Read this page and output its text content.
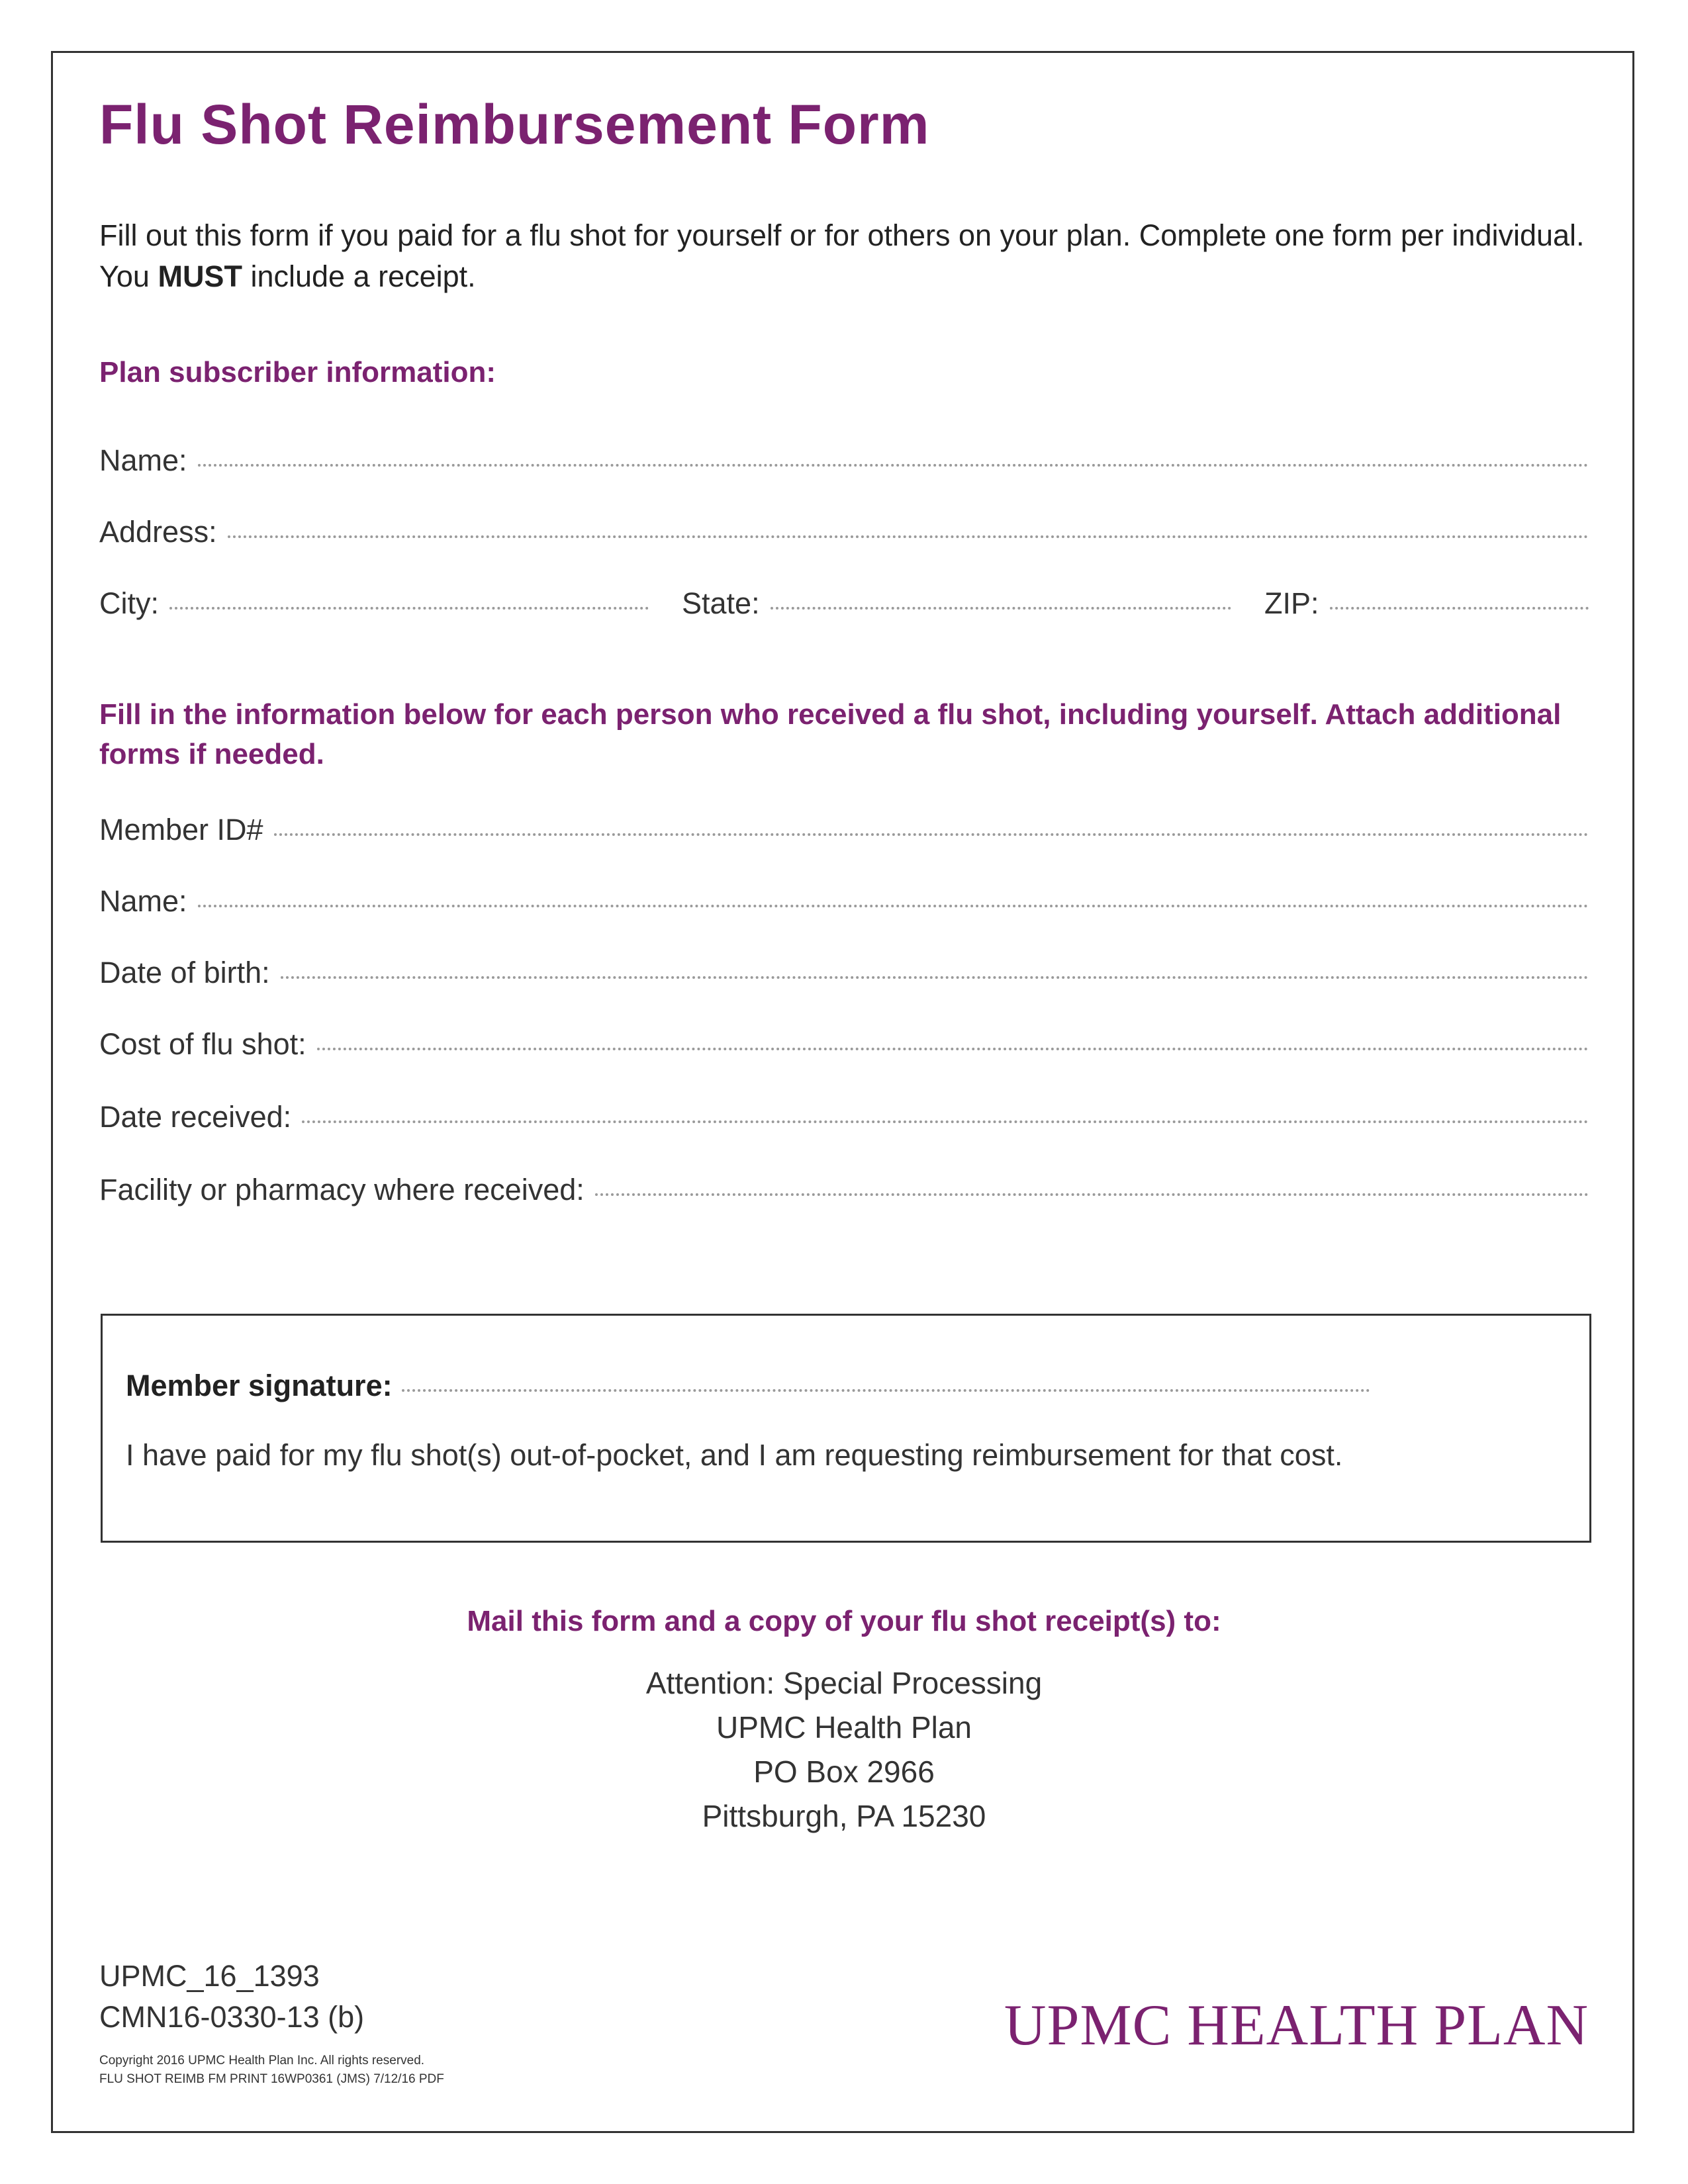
Flu Shot Reimbursement Form

Fill out this form if you paid for a flu shot for yourself or for others on your plan. Complete one form per individual.
You MUST include a receipt.

Plan subscriber information:
Name:
Address:
City:	State:	ZIP:
Fill in the information below for each person who received a flu shot, including yourself. Attach additional forms if needed.
Member ID#
Name:
Date of birth:
Cost of flu shot:
Date received:
Facility or pharmacy where received:
Member signature:

I have paid for my flu shot(s) out-of-pocket, and I am requesting reimbursement for that cost.

Mail this form and a copy of your flu shot receipt(s) to:
Attention: Special Processing
UPMC Health Plan
PO Box 2966
Pittsburgh, PA 15230
UPMC_16_1393
CMN16-0330-13 (b)
Copyright 2016 UPMC Health Plan Inc. All rights reserved.
FLU SHOT REIMB FM PRINT 16WP0361 (JMS) 7/12/16 PDF
UPMC HEALTH PLAN
